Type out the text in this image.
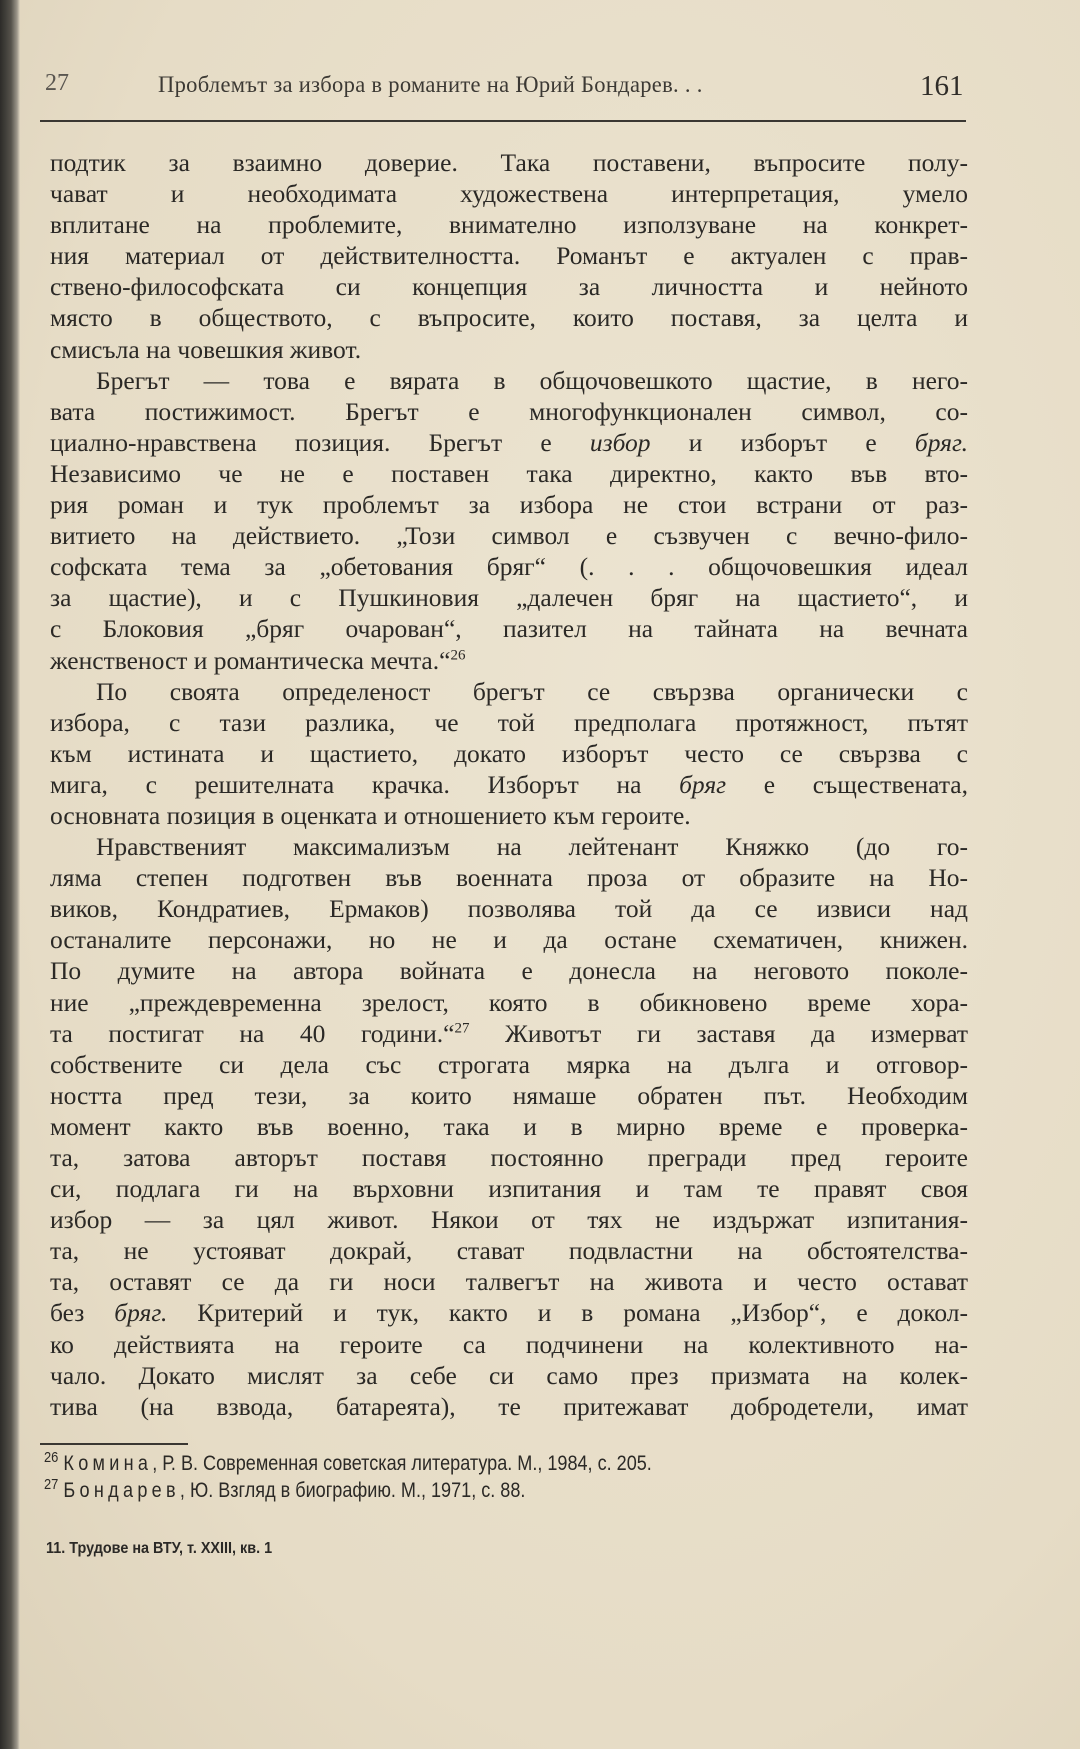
27	Проблемът за избора в романите на Юрий Бондарев. . .	161
подтик за взаимно доверие. Така поставени, въпросите полу-
чават и необходимата художествена интерпретация, умело
вплитане на проблемите, внимателно използуване на конкрет-
ния материал от действителността. Романът е актуален с прав-
ствено-философската си концепция за личността и нейното
място в обществото, с въпросите, които поставя, за целта и
смисъла на човешкия живот.
Брегът — това е вярата в общочовешкото щастие, в него-
вата постижимост. Брегът е многофункционален символ, со-
циално-нравствена позиция. Брегът е избор и изборът е бряг.
Независимо че не е поставен така директно, както във вто-
рия роман и тук проблемът за избора не стои встрани от раз-
витието на действието. „Този символ е съзвучен с вечно-фило-
софската тема за „обетования бряг“ (. . . общочовешкия идеал
за щастие), и с Пушкиновия „далечен бряг на щастието“, и
с Блоковия „бряг очарован“, пазител на тайната на вечната
женственост и романтическа мечта.“$^{26}$
По своята определеност брегът се свързва органически с
избора, с тази разлика, че той предполага протяжност, пътят
към истината и щастието, докато изборът често се свързва с
мига, с решителната крачка. Изборът на бряг е съществената,
основната позиция в оценката и отношението към героите.
Нравственият максимализъм на лейтенант Княжко (до го-
ляма степен подготвен във военната проза от образите на Но-
виков, Кондратиев, Ермаков) позволява той да се извиси над
останалите персонажи, но не и да остане схематичен, книжен.
По думите на автора войната е донесла на неговото поколе-
ние „преждевременна зрелост, която в обикновено време хора-
та постигат на 40 години.“$^{27}$ Животът ги заставя да измерват
собствените си дела със строгата мярка на дълга и отговор-
ността пред тези, за които нямаше обратен път. Необходим
момент както във военно, така и в мирно време е проверка-
та, затова авторът поставя постоянно прегради пред героите
си, подлага ги на върховни изпитания и там те правят своя
избор — за цял живот. Някои от тях не издържат изпитания-
та, не устояват докрай, стават подвластни на обстоятелства-
та, оставят се да ги носи талвегът на живота и често остават
без бряг. Критерий и тук, както и в романа „Избор“, е докол-
ко действията на героите са подчинени на колективното на-
чало. Докато мислят за себе си само през призмата на колек-
тива (на взвода, батареята), те притежават добродетели, имат
$^{26}$ Комина, Р. В. Современная советская литература. М., 1984, с. 205.
$^{27}$ Бондарев, Ю. Взгляд в биографию. М., 1971, с. 88.
11. Трудове на ВТУ, т. XXIII, кв. 1
